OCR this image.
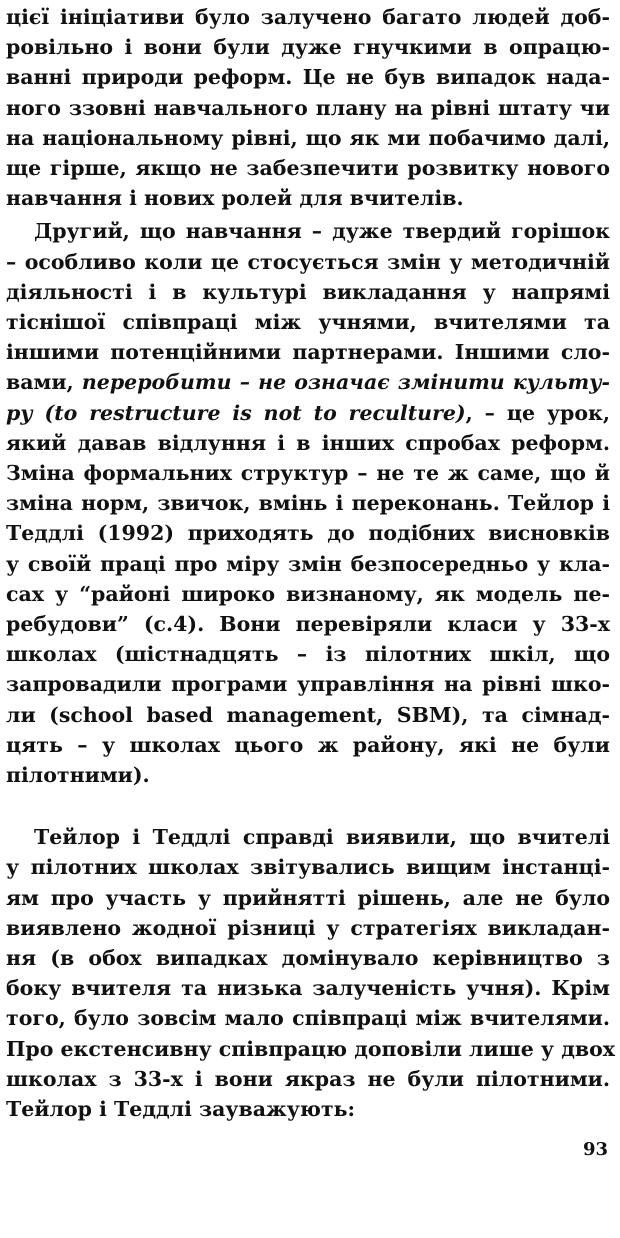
цієї ініціативи було залучено багато людей доб-
ровільно і вони були дуже гнучкими в опрацю-
ванні природи реформ. Це не був випадок нада-
ного ззовні навчального плану на рівні штату чи
на національному рівні, що як ми побачимо далі,
ще гірше, якщо не забезпечити розвитку нового
навчання і нових ролей для вчителів.
Другий, що навчання – дуже твердий горішок
– особливо коли це стосується змін у методичній
діяльності і в культурі викладання у напрямі
тіснішої співпраці між учнями, вчителями та
іншими потенційними партнерами. Іншими сло-
вами, переробити – не означає змінити культу-
ру (to restructure is not to reculture), – це урок,
який давав відлуння і в інших спробах реформ.
Зміна формальних структур – не те ж саме, що й
зміна норм, звичок, вмінь і переконань. Тейлор і
Теддлі (1992) приходять до подібних висновків
у своїй праці про міру змін безпосередньо у кла-
сах у “районі широко визнаному, як модель пе-
ребудови” (с.4). Вони перевіряли класи у 33-х
школах (шістнадцять – із пілотних шкіл, що
запровадили програми управління на рівні шко-
ли (school based management, SBM), та сімнад-
цять – у школах цього ж району, які не були
пілотними).
Тейлор і Теддлі справді виявили, що вчителі
у пілотних школах звітувались вищим інстанці-
ям про участь у прийнятті рішень, але не було
виявлено жодної різниці у стратегіях викладан-
ня (в обох випадках домінувало керівництво з
боку вчителя та низька залученість учня). Крім
того, було зовсім мало співпраці між вчителями.
Про екстенсивну співпрацю доповіли лише у двох
школах з 33-х і вони якраз не були пілотними.
Тейлор і Теддлі зауважують:
93
